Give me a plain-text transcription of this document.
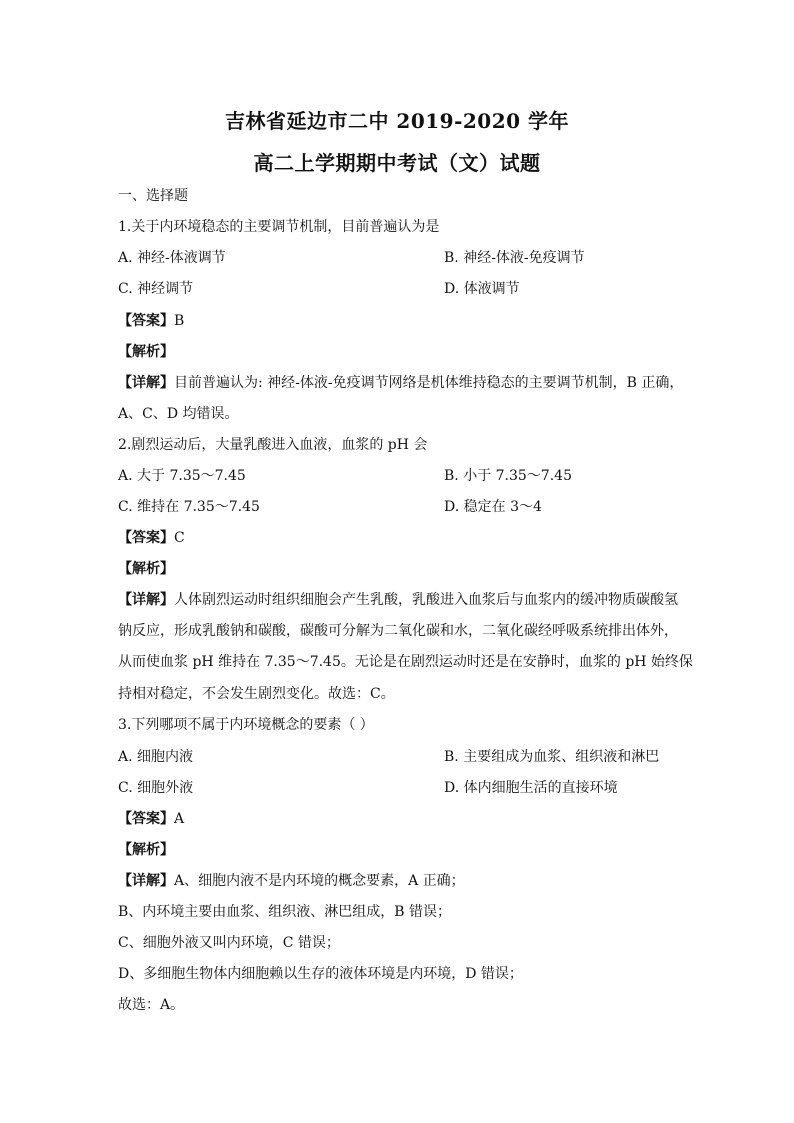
吉林省延边市二中 2019-2020 学年
高二上学期期中考试（文）试题
一、选择题
1.关于内环境稳态的主要调节机制，目前普遍认为是
A. 神经-体液调节	B. 神经-体液-免疫调节
C. 神经调节	D. 体液调节
【答案】B
【解析】
【详解】目前普遍认为: 神经-体液-免疫调节网络是机体维持稳态的主要调节机制，B 正确，
A、C、D 均错误。
2.剧烈运动后，大量乳酸进入血液，血浆的 pH 会
A. 大于 7.35～7.45	B. 小于 7.35～7.45
C. 维持在 7.35～7.45	D. 稳定在 3～4
【答案】C
【解析】
【详解】人体剧烈运动时组织细胞会产生乳酸，乳酸进入血浆后与血浆内的缓冲物质碳酸氢
钠反应，形成乳酸钠和碳酸，碳酸可分解为二氧化碳和水，二氧化碳经呼吸系统排出体外，
从而使血浆 pH 维持在 7.35～7.45。无论是在剧烈运动时还是在安静时，血浆的 pH 始终保
持相对稳定，不会发生剧烈变化。故选：C。
3.下列哪项不属于内环境概念的要素（ ）
A. 细胞内液	B. 主要组成为血浆、组织液和淋巴
C. 细胞外液	D. 体内细胞生活的直接环境
【答案】A
【解析】
【详解】A、细胞内液不是内环境的概念要素，A 正确；
B、内环境主要由血浆、组织液、淋巴组成，B 错误；
C、细胞外液又叫内环境，C 错误；
D、多细胞生物体内细胞赖以生存的液体环境是内环境，D 错误；
故选：A。
